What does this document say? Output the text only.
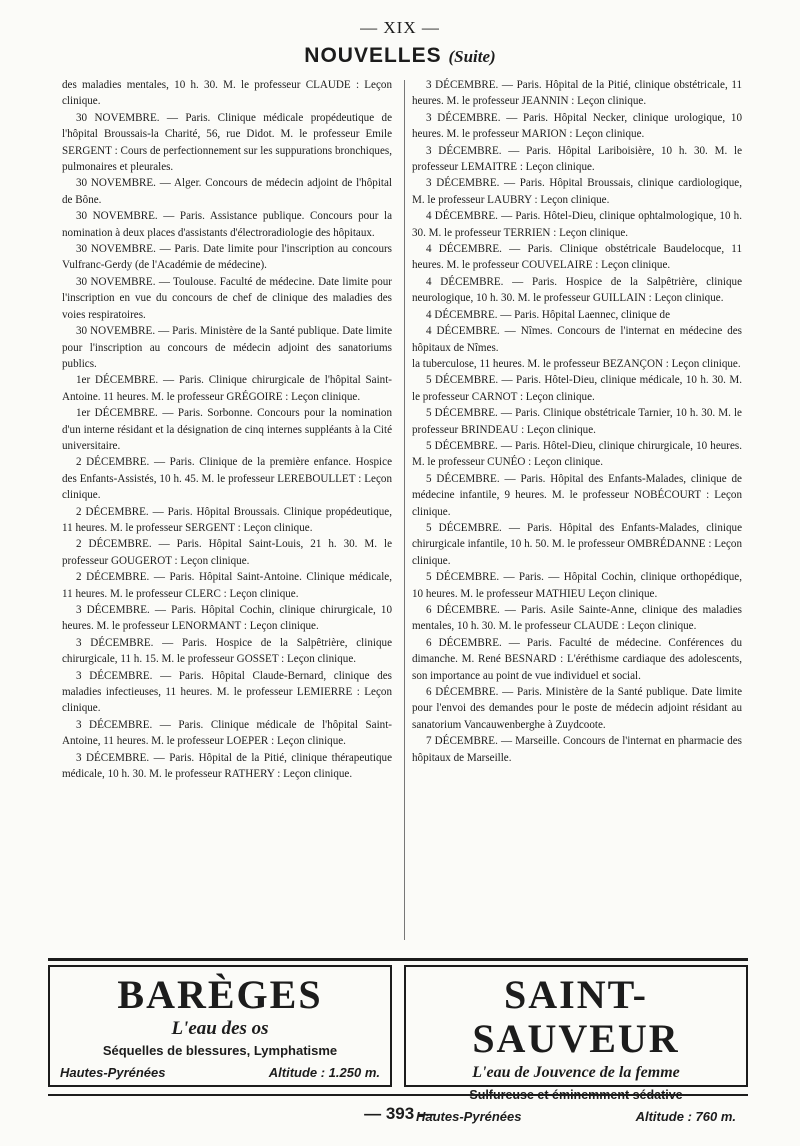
— XIX —
NOUVELLES (Suite)

des maladies mentales, 10 h. 30. M. le professeur CLAUDE : Leçon clinique.

30 NOVEMBRE. — Paris. Clinique médicale propédeutique de l'hôpital Broussais-la Charité, 56, rue Didot. M. le professeur Emile SERGENT : Cours de perfectionnement sur les suppurations bronchiques, pulmonaires et pleurales.

30 NOVEMBRE. — Alger. Concours de médecin adjoint de l'hôpital de Bône.

30 NOVEMBRE. — Paris. Assistance publique. Concours pour la nomination à deux places d'assistants d'électroradiologie des hôpitaux.

30 NOVEMBRE. — Paris. Date limite pour l'inscription au concours Vulfranc-Gerdy (de l'Académie de médecine).

30 NOVEMBRE. — Toulouse. Faculté de médecine. Date limite pour l'inscription en vue du concours de chef de clinique des maladies des voies respiratoires.

30 NOVEMBRE. — Paris. Ministère de la Santé publique. Date limite pour l'inscription au concours de médecin adjoint des sanatoriums publics.

1er DÉCEMBRE. — Paris. Clinique chirurgicale de l'hôpital Saint-Antoine. 11 heures. M. le professeur GRÉGOIRE : Leçon clinique.

1er DÉCEMBRE. — Paris. Sorbonne. Concours pour la nomination d'un interne résidant et la désignation de cinq internes suppléants à la Cité universitaire.

2 DÉCEMBRE. — Paris. Clinique de la première enfance. Hospice des Enfants-Assistés, 10 h. 45. M. le professeur LEREBOULLET : Leçon clinique.

2 DÉCEMBRE. — Paris. Hôpital Broussais. Clinique propédeutique, 11 heures. M. le professeur SERGENT : Leçon clinique.

2 DÉCEMBRE. — Paris. Hôpital Saint-Louis, 21 h. 30. M. le professeur GOUGEROT : Leçon clinique.

2 DÉCEMBRE. — Paris. Hôpital Saint-Antoine. Clinique médicale, 11 heures. M. le professeur CLERC : Leçon clinique.

3 DÉCEMBRE. — Paris. Hôpital Cochin, clinique chirurgicale, 10 heures. M. le professeur LENORMANT : Leçon clinique.

3 DÉCEMBRE. — Paris. Hospice de la Salpêtrière, clinique chirurgicale, 11 h. 15. M. le professeur GOSSET : Leçon clinique.

3 DÉCEMBRE. — Paris. Hôpital Claude-Bernard, clinique des maladies infectieuses, 11 heures. M. le professeur LEMIERRE : Leçon clinique.

3 DÉCEMBRE. — Paris. Clinique médicale de l'hôpital Saint-Antoine, 11 heures. M. le professeur LOEPER : Leçon clinique.

3 DÉCEMBRE. — Paris. Hôpital de la Pitié, clinique thérapeutique médicale, 10 h. 30. M. le professeur RATHERY : Leçon clinique.

3 DÉCEMBRE. — Paris. Hôpital de la Pitié, clinique obstétricale, 11 heures. M. le professeur JEANNIN : Leçon clinique.

3 DÉCEMBRE. — Paris. Hôpital Necker, clinique urologique, 10 heures. M. le professeur MARION : Leçon clinique.

3 DÉCEMBRE. — Paris. Hôpital Lariboisière, 10 h. 30. M. le professeur LEMAITRE : Leçon clinique.

3 DÉCEMBRE. — Paris. Hôpital Broussais, clinique cardiologique, M. le professeur LAUBRY : Leçon clinique.

4 DÉCEMBRE. — Paris. Hôtel-Dieu, clinique ophtalmologique, 10 h. 30. M. le professeur TERRIEN : Leçon clinique.

4 DÉCEMBRE. — Paris. Clinique obstétricale Baudelocque, 11 heures. M. le professeur COUVELAIRE : Leçon clinique.

4 DÉCEMBRE. — Paris. Hospice de la Salpêtrière, clinique neurologique, 10 h. 30. M. le professeur GUILLAIN : Leçon clinique.

4 DÉCEMBRE. — Paris. Hôpital Laennec, clinique de

4 DÉCEMBRE. — Nîmes. Concours de l'internat en médecine des hôpitaux de Nîmes.

la tuberculose, 11 heures. M. le professeur BEZANÇON : Leçon clinique.

5 DÉCEMBRE. — Paris. Hôtel-Dieu, clinique médicale, 10 h. 30. M. le professeur CARNOT : Leçon clinique.

5 DÉCEMBRE. — Paris. Clinique obstétricale Tarnier, 10 h. 30. M. le professeur BRINDEAU : Leçon clinique.

5 DÉCEMBRE. — Paris. Hôtel-Dieu, clinique chirurgicale, 10 heures. M. le professeur CUNÉO : Leçon clinique.

5 DÉCEMBRE. — Paris. Hôpital des Enfants-Malades, clinique de médecine infantile, 9 heures. M. le professeur NOBÉCOURT : Leçon clinique.

5 DÉCEMBRE. — Paris. Hôpital des Enfants-Malades, clinique chirurgicale infantile, 10 h. 50. M. le professeur OMBRÉDANNE : Leçon clinique.

5 DÉCEMBRE. — Paris. — Hôpital Cochin, clinique orthopédique, 10 heures. M. le professeur MATHIEU Leçon clinique.

6 DÉCEMBRE. — Paris. Asile Sainte-Anne, clinique des maladies mentales, 10 h. 30. M. le professeur CLAUDE : Leçon clinique.

6 DÉCEMBRE. — Paris. Faculté de médecine. Conférences du dimanche. M. René BESNARD : L'éréthisme cardiaque des adolescents, son importance au point de vue individuel et social.

6 DÉCEMBRE. — Paris. Ministère de la Santé publique. Date limite pour l'envoi des demandes pour le poste de médecin adjoint résidant au sanatorium Vancauwenberghe à Zuydcoote.

7 DÉCEMBRE. — Marseille. Concours de l'internat en pharmacie des hôpitaux de Marseille.

BARÈGES
L'eau des os
Séquelles de blessures, Lymphatisme
Hautes-Pyrénées	Altitude : 1.250 m.
SAINT-SAUVEUR
L'eau de Jouvence de la femme
Hautes-Pyrénées	Altitude : 760 m.
— 393 —
